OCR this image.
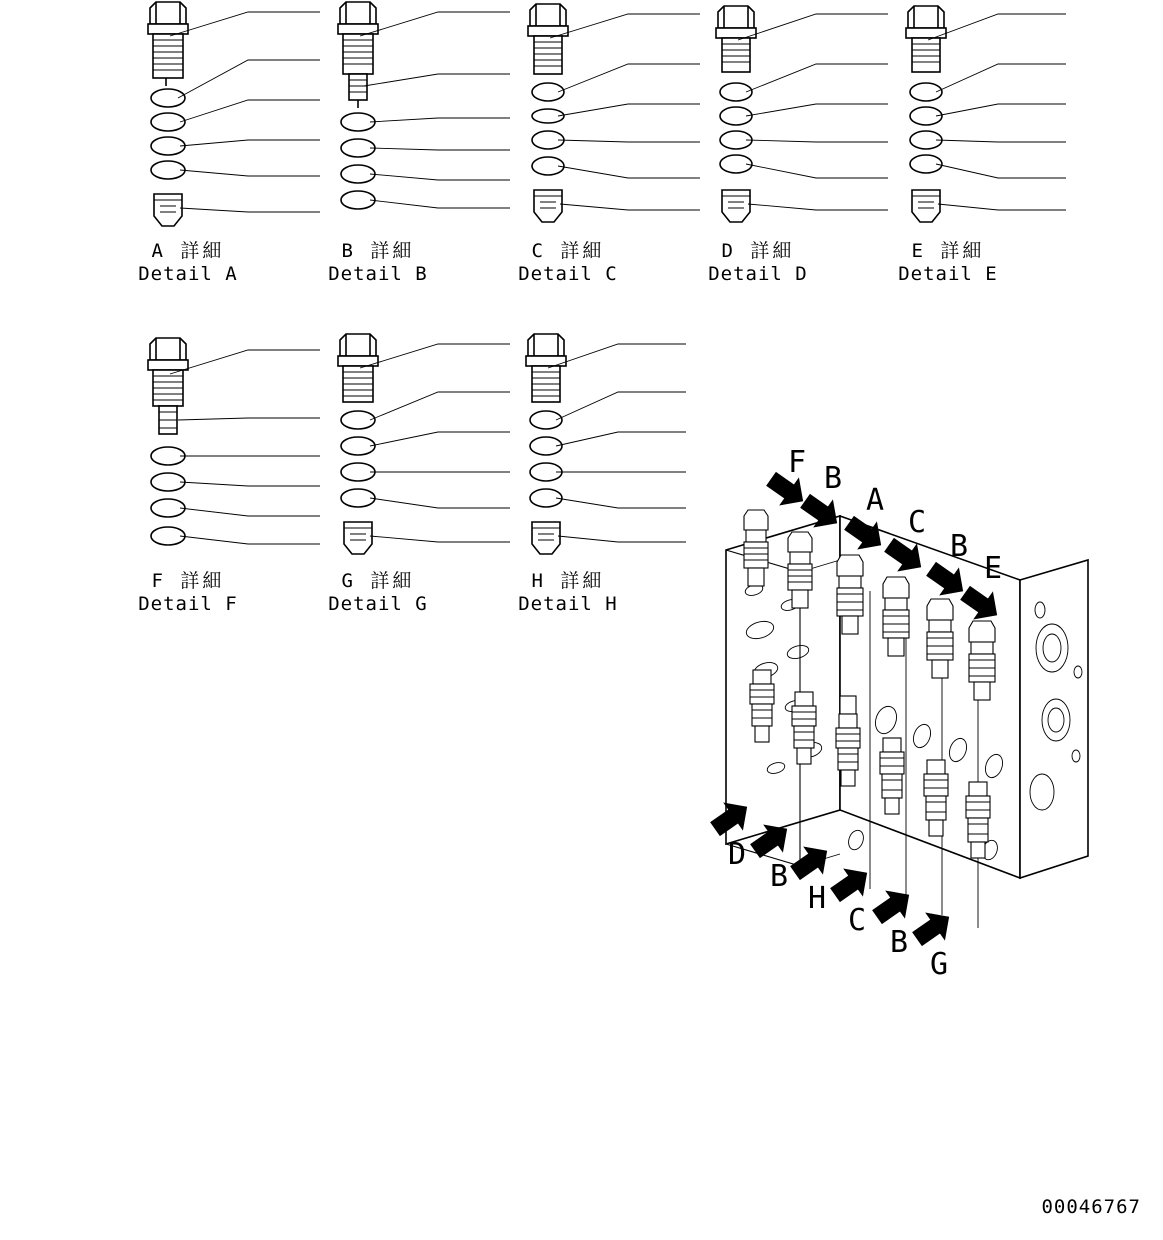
A 詳細
Detail A
B 詳細
Detail B
C 詳細
Detail C
D 詳細
Detail D
E 詳細
Detail E
F 詳細
Detail F
G 詳細
Detail G
H 詳細
Detail H
F B
A
C
B
E
D
B
H
C
B
G
00046767
